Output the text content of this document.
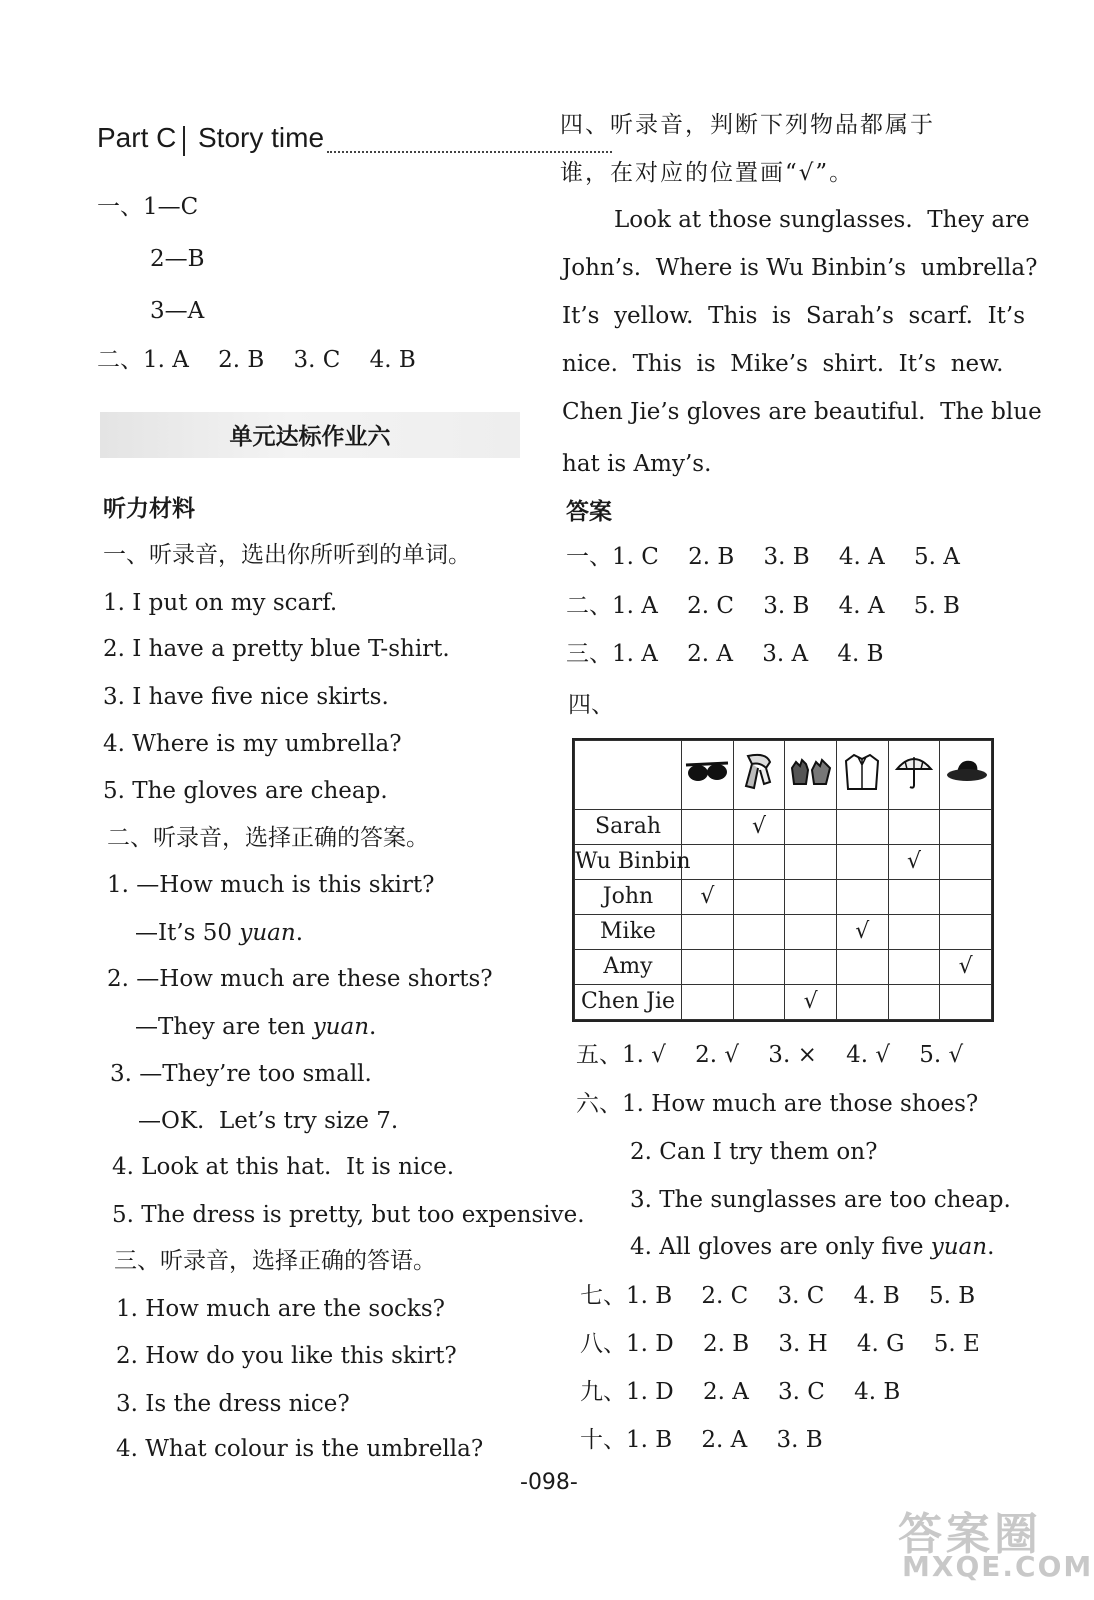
Part C Story time
一、1—C
2—B
3—A
二、1. A    2. B    3. C    4. B
单元达标作业六
听力材料
一、听录音，选出你所听到的单词。
1. I put on my scarf.
2. I have a pretty blue T-shirt.
3. I have five nice skirts.
4. Where is my umbrella?
5. The gloves are cheap.
二、听录音，选择正确的答案。
1. —How much is this skirt?
—It’s 50 yuan.
2. —How much are these shorts?
—They are ten yuan.
3. —They’re too small.
—OK.  Let’s try size 7.
4. Look at this hat.  It is nice.
5. The dress is pretty, but too expensive.
三、听录音，选择正确的答语。
1. How much are the socks?
2. How do you like this skirt?
3. Is the dress nice?
4. What colour is the umbrella?
四、听录音，判断下列物品都属于
谁，在对应的位置画“√”。
Look at those sunglasses.  They are
John’s.  Where is Wu Binbin’s  umbrella?
It’s  yellow.  This  is  Sarah’s  scarf.  It’s
nice.  This  is  Mike’s  shirt.  It’s  new.
Chen Jie’s gloves are beautiful.  The blue
hat is Amy’s.
答案
一、1. C    2. B    3. B    4. A    5. A
二、1. A    2. C    3. B    4. A    5. B
三、1. A    2. A    3. A    4. B
四、

Sarah		√				
Wu Binbin					√	
John	√					
Mike				√		
Amy						√
Chen Jie			√			
五、1. √    2. √    3. ×    4. √    5. √
六、1. How much are those shoes?
2. Can I try them on?
3. The sunglasses are too cheap.
4. All gloves are only five yuan.
七、1. B    2. C    3. C    4. B    5. B
八、1. D    2. B    3. H    4. G    5. E
九、1. D    2. A    3. C    4. B
十、1. B    2. A    3. B
-098-
答案圈
MXQE.COM
